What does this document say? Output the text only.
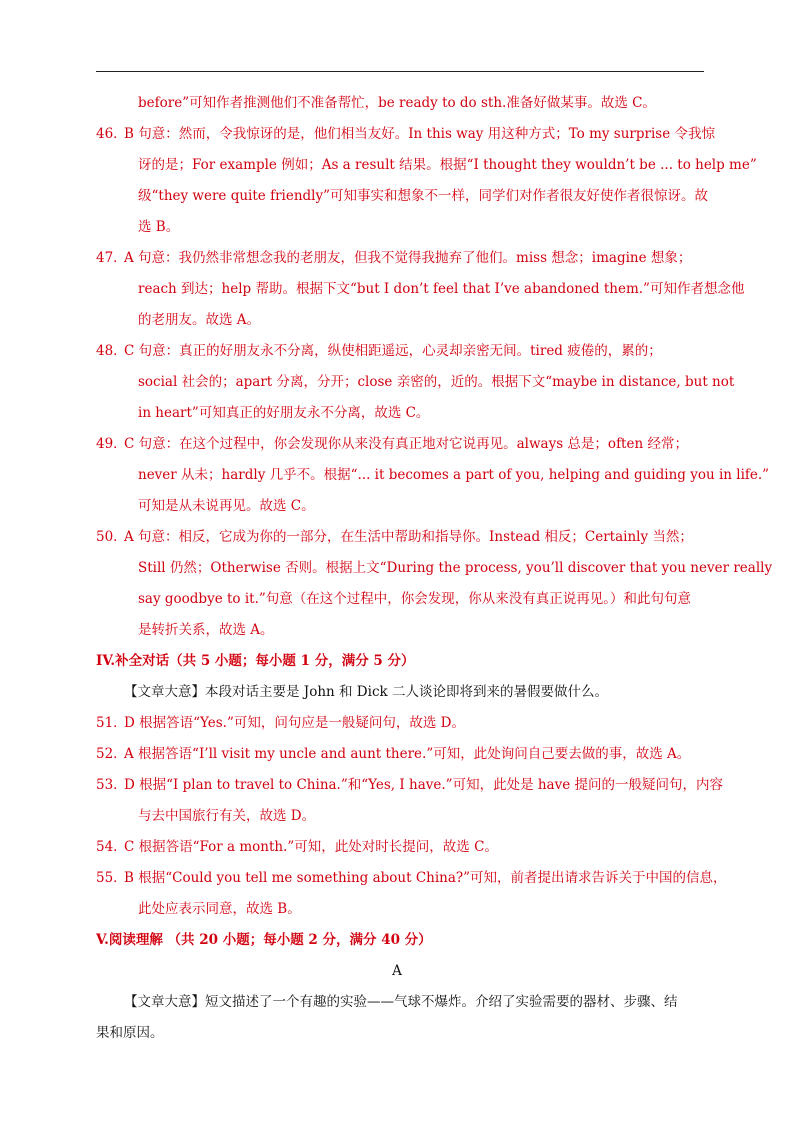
before”可知作者推测他们不准备帮忙，be ready to do sth.准备好做某事。故选 C。
46．B 句意：然而，令我惊讶的是，他们相当友好。In this way 用这种方式；To my surprise 令我惊
讶的是；For example 例如；As a result 结果。根据“I thought they wouldn’t be ... to help me”
级“they were quite friendly”可知事实和想象不一样，同学们对作者很友好使作者很惊讶。故
选 B。
47．A 句意：我仍然非常想念我的老朋友，但我不觉得我抛弃了他们。miss 想念；imagine 想象；
reach 到达；help 帮助。根据下文“but I don’t feel that I’ve abandoned them.”可知作者想念他
的老朋友。故选 A。
48．C 句意：真正的好朋友永不分离，纵使相距遥远，心灵却亲密无间。tired 疲倦的，累的；
social 社会的；apart 分离，分开；close 亲密的，近的。根据下文“maybe in distance, but not
in heart”可知真正的好朋友永不分离，故选 C。
49．C 句意：在这个过程中，你会发现你从来没有真正地对它说再见。always 总是；often 经常；
never 从未；hardly 几乎不。根据“... it becomes a part of you, helping and guiding you in life.”
可知是从未说再见。故选 C。
50．A 句意：相反，它成为你的一部分，在生活中帮助和指导你。Instead 相反；Certainly 当然；
Still 仍然；Otherwise 否则。根据上文“During the process, you’ll discover that you never really
say goodbye to it.”句意（在这个过程中，你会发现，你从来没有真正说再见。）和此句句意
是转折关系，故选 A。
IV.补全对话（共 5 小题；每小题 1 分，满分 5 分）
【文章大意】本段对话主要是 John 和 Dick 二人谈论即将到来的暑假要做什么。
51．D 根据答语“Yes.”可知，问句应是一般疑问句，故选 D。
52．A 根据答语“I’ll visit my uncle and aunt there.”可知，此处询问自己要去做的事，故选 A。
53．D 根据“I plan to travel to China.”和“Yes, I have.”可知，此处是 have 提问的一般疑问句，内容
与去中国旅行有关，故选 D。
54．C 根据答语“For a month.”可知，此处对时长提问，故选 C。
55．B 根据“Could you tell me something about China?”可知，前者提出请求告诉关于中国的信息，
此处应表示同意，故选 B。
V.阅读理解 （共 20 小题；每小题 2 分，满分 40 分）
A
【文章大意】短文描述了一个有趣的实验——气球不爆炸。介绍了实验需要的器材、步骤、结
果和原因。
